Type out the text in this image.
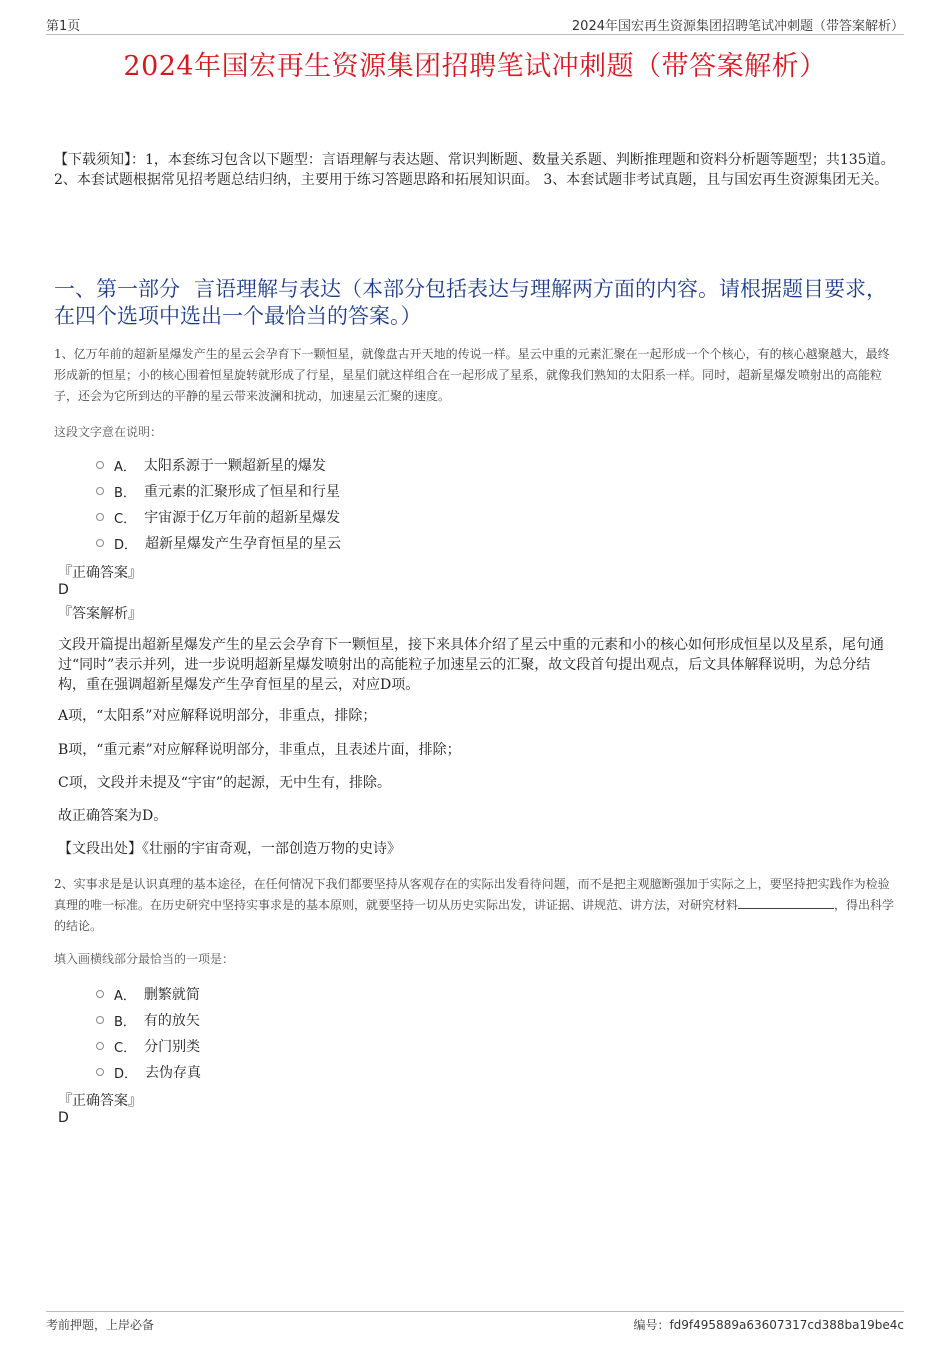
第1页	2024年国宏再生资源集团招聘笔试冲刺题（带答案解析）
2024年国宏再生资源集团招聘笔试冲刺题（带答案解析）
【下载须知】：1，本套练习包含以下题型：言语理解与表达题、常识判断题、数量关系题、判断推理题和资料分析题等题型；共135道。 2、本套试题根据常见招考题总结归纳，主要用于练习答题思路和拓展知识面。 3、本套试题非考试真题，且与国宏再生资源集团无关。
一、第一部分 言语理解与表达（本部分包括表达与理解两方面的内容。请根据题目要求，在四个选项中选出一个最恰当的答案。）
1、亿万年前的超新星爆发产生的星云会孕育下一颗恒星，就像盘古开天地的传说一样。星云中重的元素汇聚在一起形成一个个核心，有的核心越聚越大，最终形成新的恒星；小的核心围着恒星旋转就形成了行星，星星们就这样组合在一起形成了星系，就像我们熟知的太阳系一样。同时，超新星爆发喷射出的高能粒子，还会为它所到达的平静的星云带来波澜和扰动，加速星云汇聚的速度。
这段文字意在说明：
A． 太阳系源于一颗超新星的爆发
B． 重元素的汇聚形成了恒星和行星
C． 宇宙源于亿万年前的超新星爆发
D． 超新星爆发产生孕育恒星的星云
『正确答案』
D
『答案解析』
文段开篇提出超新星爆发产生的星云会孕育下一颗恒星，接下来具体介绍了星云中重的元素和小的核心如何形成恒星以及星系，尾句通过“同时”表示并列，进一步说明超新星爆发喷射出的高能粒子加速星云的汇聚，故文段首句提出观点，后文具体解释说明，为总分结构，重在强调超新星爆发产生孕育恒星的星云，对应D项。
A项，“太阳系”对应解释说明部分，非重点，排除；
B项，“重元素”对应解释说明部分，非重点，且表述片面，排除；
C项，文段并未提及“宇宙”的起源，无中生有，排除。
故正确答案为D。
【文段出处】《壮丽的宇宙奇观，一部创造万物的史诗》
2、实事求是是认识真理的基本途径，在任何情况下我们都要坚持从客观存在的实际出发看待问题，而不是把主观臆断强加于实际之上，要坚持把实践作为检验真理的唯一标准。在历史研究中坚持实事求是的基本原则，就要坚持一切从历史实际出发，讲证据、讲规范、讲方法，对研究材料	，得出科学的结论。
填入画横线部分最恰当的一项是：
A． 删繁就简
B． 有的放矢
C． 分门别类
D． 去伪存真
『正确答案』
D
考前押题，上岸必备	编号：fd9f495889a63607317cd388ba19be4c
